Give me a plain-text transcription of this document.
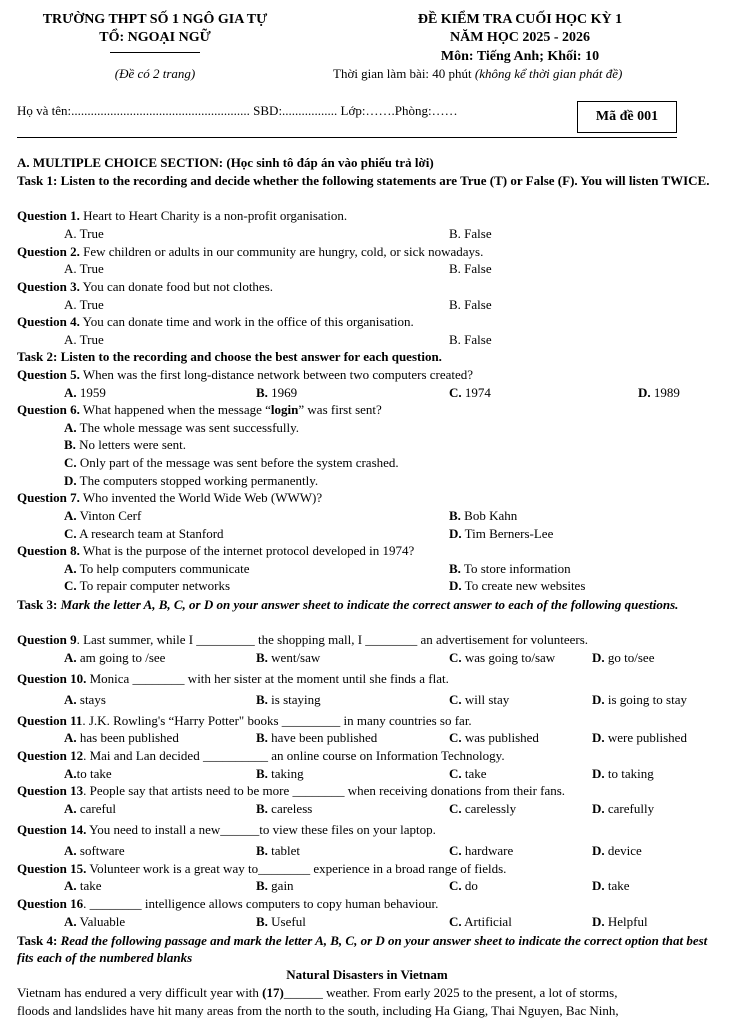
TRƯỜNG THPT SỐ 1 NGÔ GIA TỰ
TỔ: NGOẠI NGỮ
(Đề có 2 trang)
ĐỀ KIỂM TRA CUỐI HỌC KỲ 1
NĂM HỌC 2025 - 2026
Môn: Tiếng Anh; Khối: 10
Thời gian làm bài: 40 phút (không kể thời gian phát đề)
Họ và tên:....................................................... SBD:................. Lớp:…….Phòng:……	Mã đề 001
A. MULTIPLE CHOICE SECTION: (Học sinh tô đáp án vào phiếu trả lời)
Task 1: Listen to the recording and decide whether the following statements are True (T) or False (F). You will listen TWICE.
Question 1. Heart to Heart Charity is a non-profit organisation.
A. True	B. False
Question 2. Few children or adults in our community are hungry, cold, or sick nowadays.
A. True	B. False
Question 3. You can donate food but not clothes.
A. True	B. False
Question 4. You can donate time and work in the office of this organisation.
A. True	B. False
Task 2: Listen to the recording and choose the best answer for each question.
Question 5. When was the first long-distance network between two computers created?
A. 1959	B. 1969	C. 1974	D. 1989
Question 6. What happened when the message “login” was first sent?
A. The whole message was sent successfully.
B. No letters were sent.
C. Only part of the message was sent before the system crashed.
D. The computers stopped working permanently.
Question 7. Who invented the World Wide Web (WWW)?
A. Vinton Cerf	B. Bob Kahn
C. A research team at Stanford	D. Tim Berners-Lee
Question 8. What is the purpose of the internet protocol developed in 1974?
A. To help computers communicate	B. To store information
C. To repair computer networks	D. To create new websites
Task 3: Mark the letter A, B, C, or D on your answer sheet to indicate the correct answer to each of the following questions.
Question 9. Last summer, while I _________ the shopping mall, I ________ an advertisement for volunteers.
A. am going to /see	B. went/saw	C. was going to/saw	D. go to/see
Question 10. Monica ________ with her sister at the moment until she finds a flat.
A. stays	B. is staying	C. will stay	D. is going to stay
Question 11. J.K. Rowling's “Harry Potter" books _________ in many countries so far.
A. has been published	B. have been published	C. was published	D. were published
Question 12. Mai and Lan decided __________ an online course on Information Technology.
A.to take	B. taking	C. take	D. to taking
Question 13. People say that artists need to be more ________ when receiving donations from their fans.
A. careful	B. careless	C. carelessly	D. carefully
Question 14. You need to install a new______to view these files on your laptop.
A. software	B. tablet	C. hardware	D. device
Question 15. Volunteer work is a great way to________ experience in a broad range of fields.
A. take	B. gain	C. do	D. take
Question 16. ________ intelligence allows computers to copy human behaviour.
A. Valuable	B. Useful	C. Artificial	D. Helpful
Task 4: Read the following passage and mark the letter A, B, C, or D on your answer sheet to indicate the correct option that best fits each of the numbered blanks
Natural Disasters in Vietnam
Vietnam has endured a very difficult year with (17)______ weather. From early 2025 to the present, a lot of storms,
floods and landslides have hit many areas from the north to the south, including Ha Giang, Thai Nguyen, Bac Ninh,
